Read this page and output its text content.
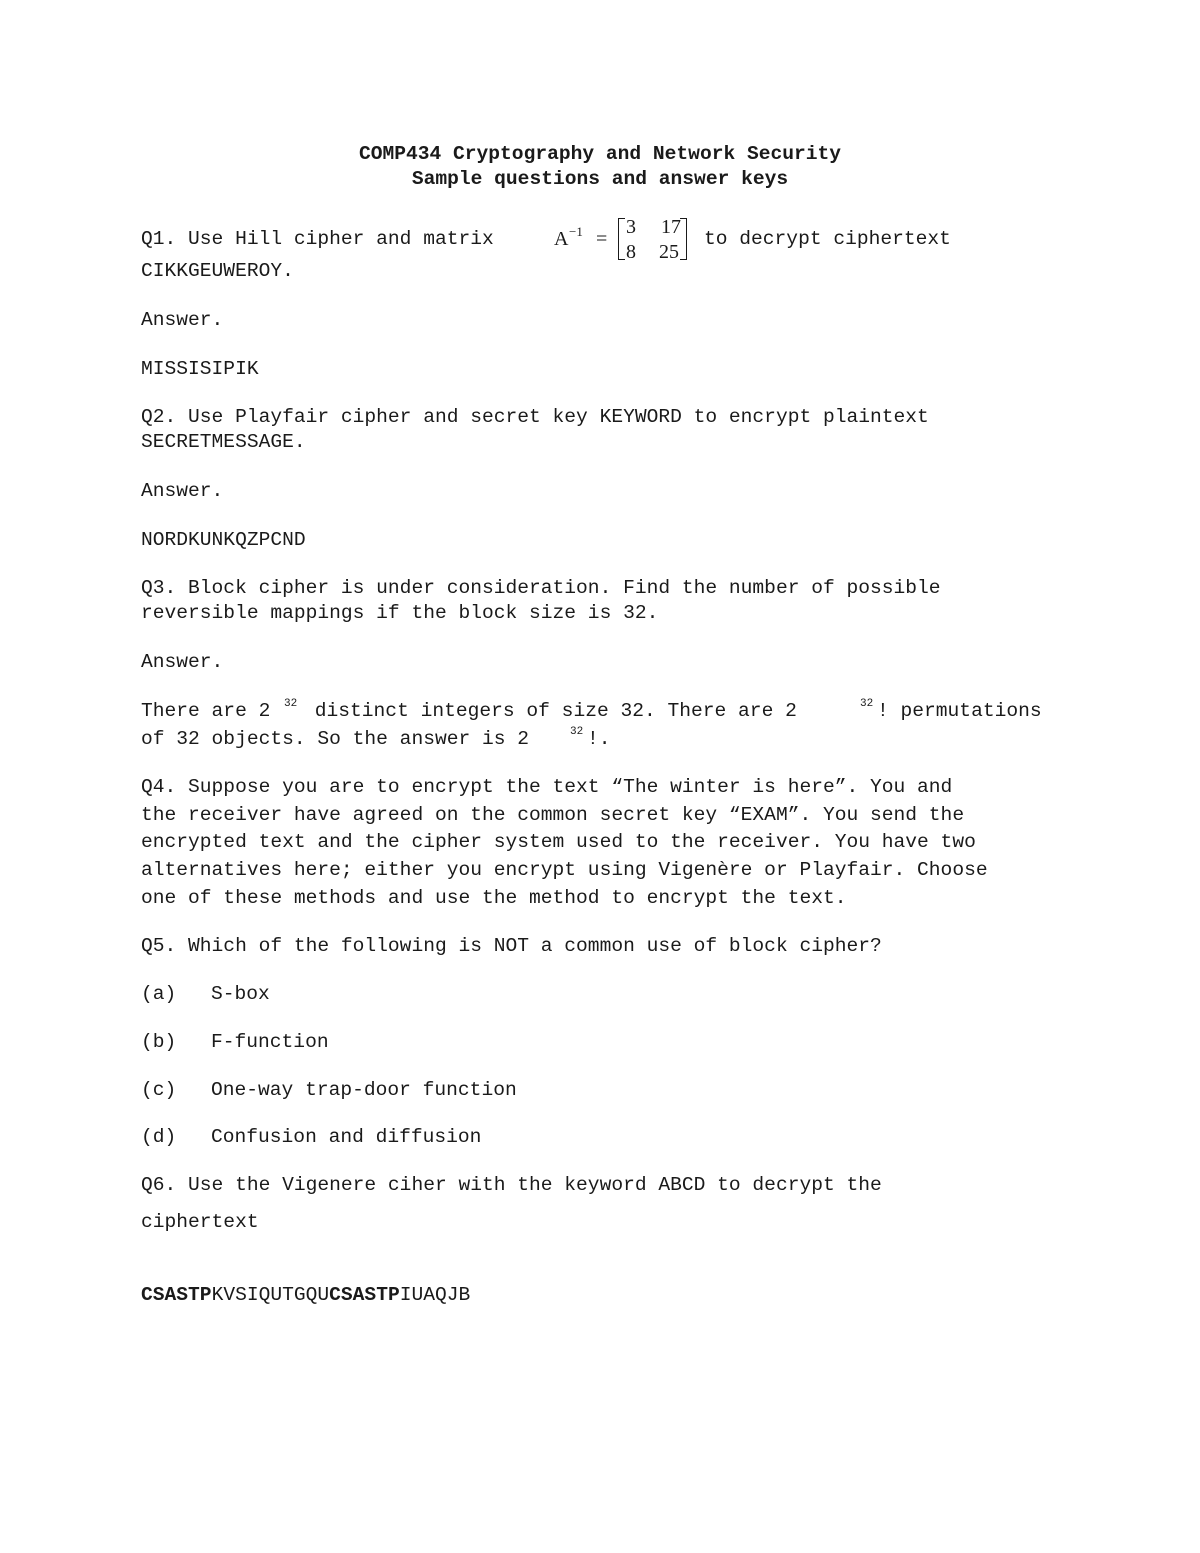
COMP434 Cryptography and Network Security
Sample questions and answer keys
Q1. Use Hill cipher and matrix	A −1 =
3 17
8 25
to decrypt ciphertext
CIKKGEUWEROY.
Answer.
MISSISIPIK
Q2. Use Playfair cipher and secret key KEYWORD to encrypt plaintext
SECRETMESSAGE.
Answer.
NORDKUNKQZPCND
Q3. Block cipher is under consideration. Find the number of possible
reversible mappings if the block size is 32.
Answer.
There are 2 32 distinct integers of size 32. There are 2	32 ! permutations
of 32 objects. So the answer is 2	32 !.
Q4. Suppose you are to encrypt the text “The winter is here”. You and
the receiver have agreed on the common secret key “EXAM”. You send the
encrypted text and the cipher system used to the receiver. You have two
alternatives here; either you encrypt using Vigenère or Playfair. Choose
one of these methods and use the method to encrypt the text.
Q5. Which of the following is NOT a common use of block cipher?
(a) S-box
(b) F-function
(c) One-way trap-door function
(d) Confusion and diffusion
Q6. Use the Vigenere ciher with the keyword ABCD to decrypt the
ciphertext
CSASTPKVSIQUTGQUCSASTPIUAQJB
